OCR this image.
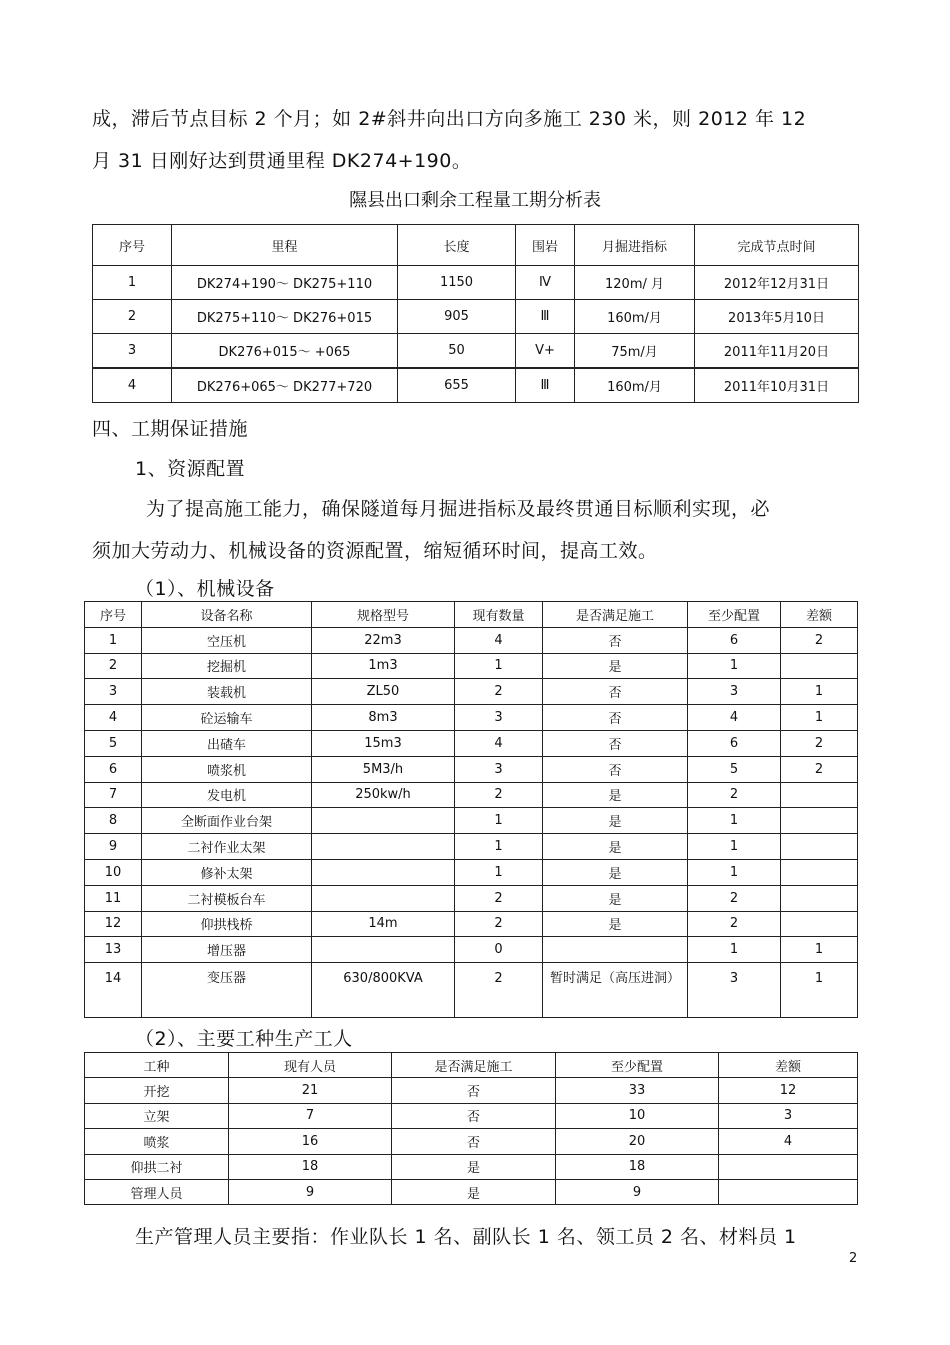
成，滞后节点目标 2 个月；如 2#斜井向出口方向多施工 230 米，则 2012 年 12
月 31 日刚好达到贯通里程 DK274+190。
隰县出口剩余工程量工期分析表
序号	里程	长度	围岩	月掘进指标	完成节点时间
1	DK274+190～ DK275+110	1150	Ⅳ	120m/ 月	2012年12月31日
2	DK275+110～ DK276+015	905	Ⅲ	160m/月	2013年5月10日
3	DK276+015～ +065	50	Ⅴ+	75m/月	2011年11月20日
4	DK276+065～ DK277+720	655	Ⅲ	160m/月	2011年10月31日
四、工期保证措施
1、资源配置
为了提高施工能力，确保隧道每月掘进指标及最终贯通目标顺利实现，必
须加大劳动力、机械设备的资源配置，缩短循环时间，提高工效。
（1）、机械设备
序号	设备名称	规格型号	现有数量	是否满足施工	至少配置	差额
1	空压机	22m3	4	否	6	2
2	挖掘机	1m3	1	是	1	
3	装载机	ZL50	2	否	3	1
4	砼运输车	8m3	3	否	4	1
5	出碴车	15m3	4	否	6	2
6	喷浆机	5M3/h	3	否	5	2
7	发电机	250kw/h	2	是	2	
8	全断面作业台架		1	是	1	
9	二衬作业太架		1	是	1	
10	修补太架		1	是	1	
11	二衬模板台车		2	是	2	
12	仰拱栈桥	14m	2	是	2	
13	增压器		0		1	1
14	变压器	630/800KVA	2	暂时满足（高压进洞）	3	1
（2）、主要工种生产工人
工种	现有人员	是否满足施工	至少配置	差额
开挖	21	否	33	12
立架	7	否	10	3
喷浆	16	否	20	4
仰拱二衬	18	是	18	
管理人员	9	是	9	
生产管理人员主要指：作业队长 1 名、副队长 1 名、领工员 2 名、材料员 1
2
